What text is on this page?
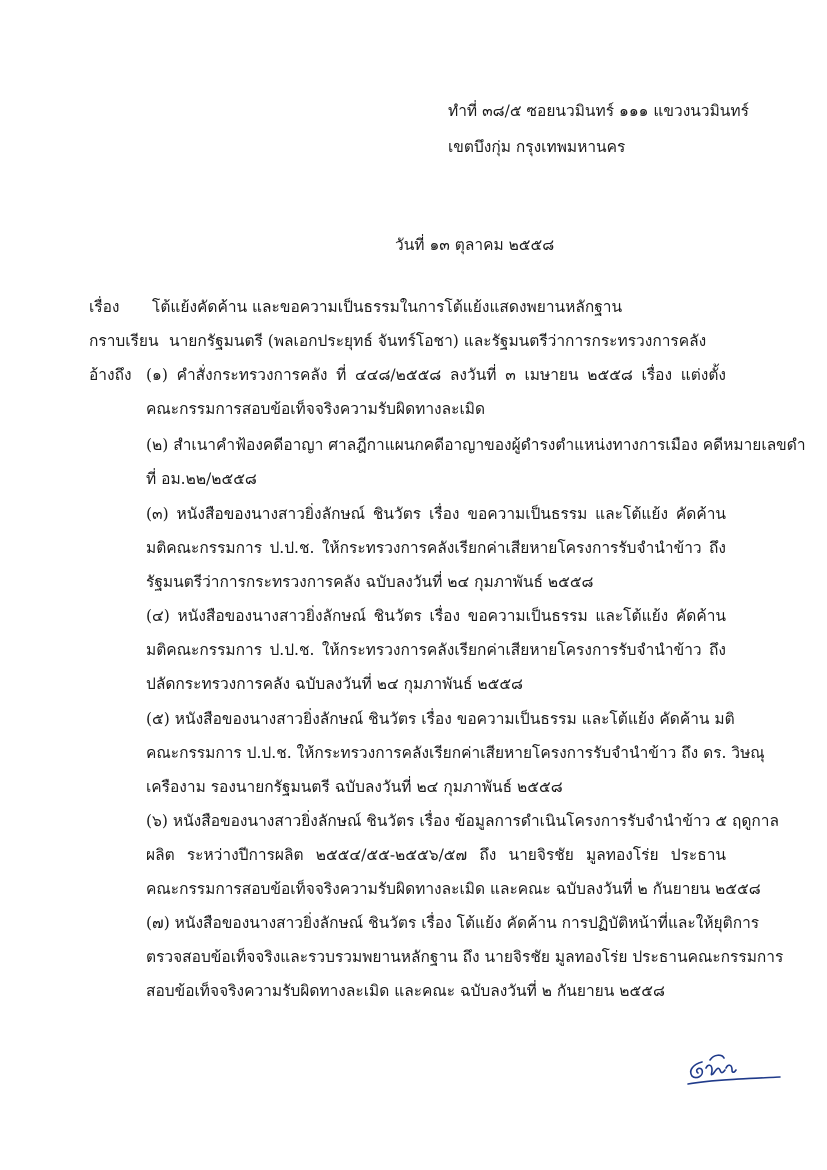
ทำที่ ๓๘/๕ ซอยนวมินทร์ ๑๑๑ แขวงนวมินทร์
เขตบึงกุ่ม กรุงเทพมหานคร
วันที่ ๑๓ ตุลาคม ๒๕๕๘
เรื่อง โต้แย้งคัดค้าน และขอความเป็นธรรมในการโต้แย้งแสดงพยานหลักฐาน
กราบเรียน นายกรัฐมนตรี (พลเอกประยุทธ์ จันทร์โอชา) และรัฐมนตรีว่าการกระทรวงการคลัง
อ้างถึง (๑) คำสั่งกระทรวงการคลัง ที่ ๔๔๘/๒๕๕๘ ลงวันที่ ๓ เมษายน ๒๕๕๘ เรื่อง แต่งตั้ง
คณะกรรมการสอบข้อเท็จจริงความรับผิดทางละเมิด
(๒) สำเนาคำฟ้องคดีอาญา ศาลฎีกาแผนกคดีอาญาของผู้ดำรงตำแหน่งทางการเมือง คดีหมายเลขดำ
ที่ อม.๒๒/๒๕๕๘
(๓) หนังสือของนางสาวยิ่งลักษณ์ ชินวัตร เรื่อง ขอความเป็นธรรม และโต้แย้ง คัดค้าน
มติคณะกรรมการ ป.ป.ช. ให้กระทรวงการคลังเรียกค่าเสียหายโครงการรับจำนำข้าว ถึง
รัฐมนตรีว่าการกระทรวงการคลัง ฉบับลงวันที่ ๒๔ กุมภาพันธ์ ๒๕๕๘
(๔) หนังสือของนางสาวยิ่งลักษณ์ ชินวัตร เรื่อง ขอความเป็นธรรม และโต้แย้ง คัดค้าน
มติคณะกรรมการ ป.ป.ช. ให้กระทรวงการคลังเรียกค่าเสียหายโครงการรับจำนำข้าว ถึง
ปลัดกระทรวงการคลัง ฉบับลงวันที่ ๒๔ กุมภาพันธ์ ๒๕๕๘
(๕) หนังสือของนางสาวยิ่งลักษณ์ ชินวัตร เรื่อง ขอความเป็นธรรม และโต้แย้ง คัดค้าน มติ
คณะกรรมการ ป.ป.ช. ให้กระทรวงการคลังเรียกค่าเสียหายโครงการรับจำนำข้าว ถึง ดร. วิษณุ
เครืองาม รองนายกรัฐมนตรี ฉบับลงวันที่ ๒๔ กุมภาพันธ์ ๒๕๕๘
(๖) หนังสือของนางสาวยิ่งลักษณ์ ชินวัตร เรื่อง ข้อมูลการดำเนินโครงการรับจำนำข้าว ๕ ฤดูกาล
ผลิต ระหว่างปีการผลิต ๒๕๕๔/๕๕-๒๕๕๖/๕๗ ถึง นายจิรชัย มูลทองโร่ย ประธาน
คณะกรรมการสอบข้อเท็จจริงความรับผิดทางละเมิด และคณะ ฉบับลงวันที่ ๒ กันยายน ๒๕๕๘
(๗) หนังสือของนางสาวยิ่งลักษณ์ ชินวัตร เรื่อง โต้แย้ง คัดค้าน การปฏิบัติหน้าที่และให้ยุติการ
ตรวจสอบข้อเท็จจริงและรวบรวมพยานหลักฐาน ถึง นายจิรชัย มูลทองโร่ย ประธานคณะกรรมการ
สอบข้อเท็จจริงความรับผิดทางละเมิด และคณะ ฉบับลงวันที่ ๒ กันยายน ๒๕๕๘
